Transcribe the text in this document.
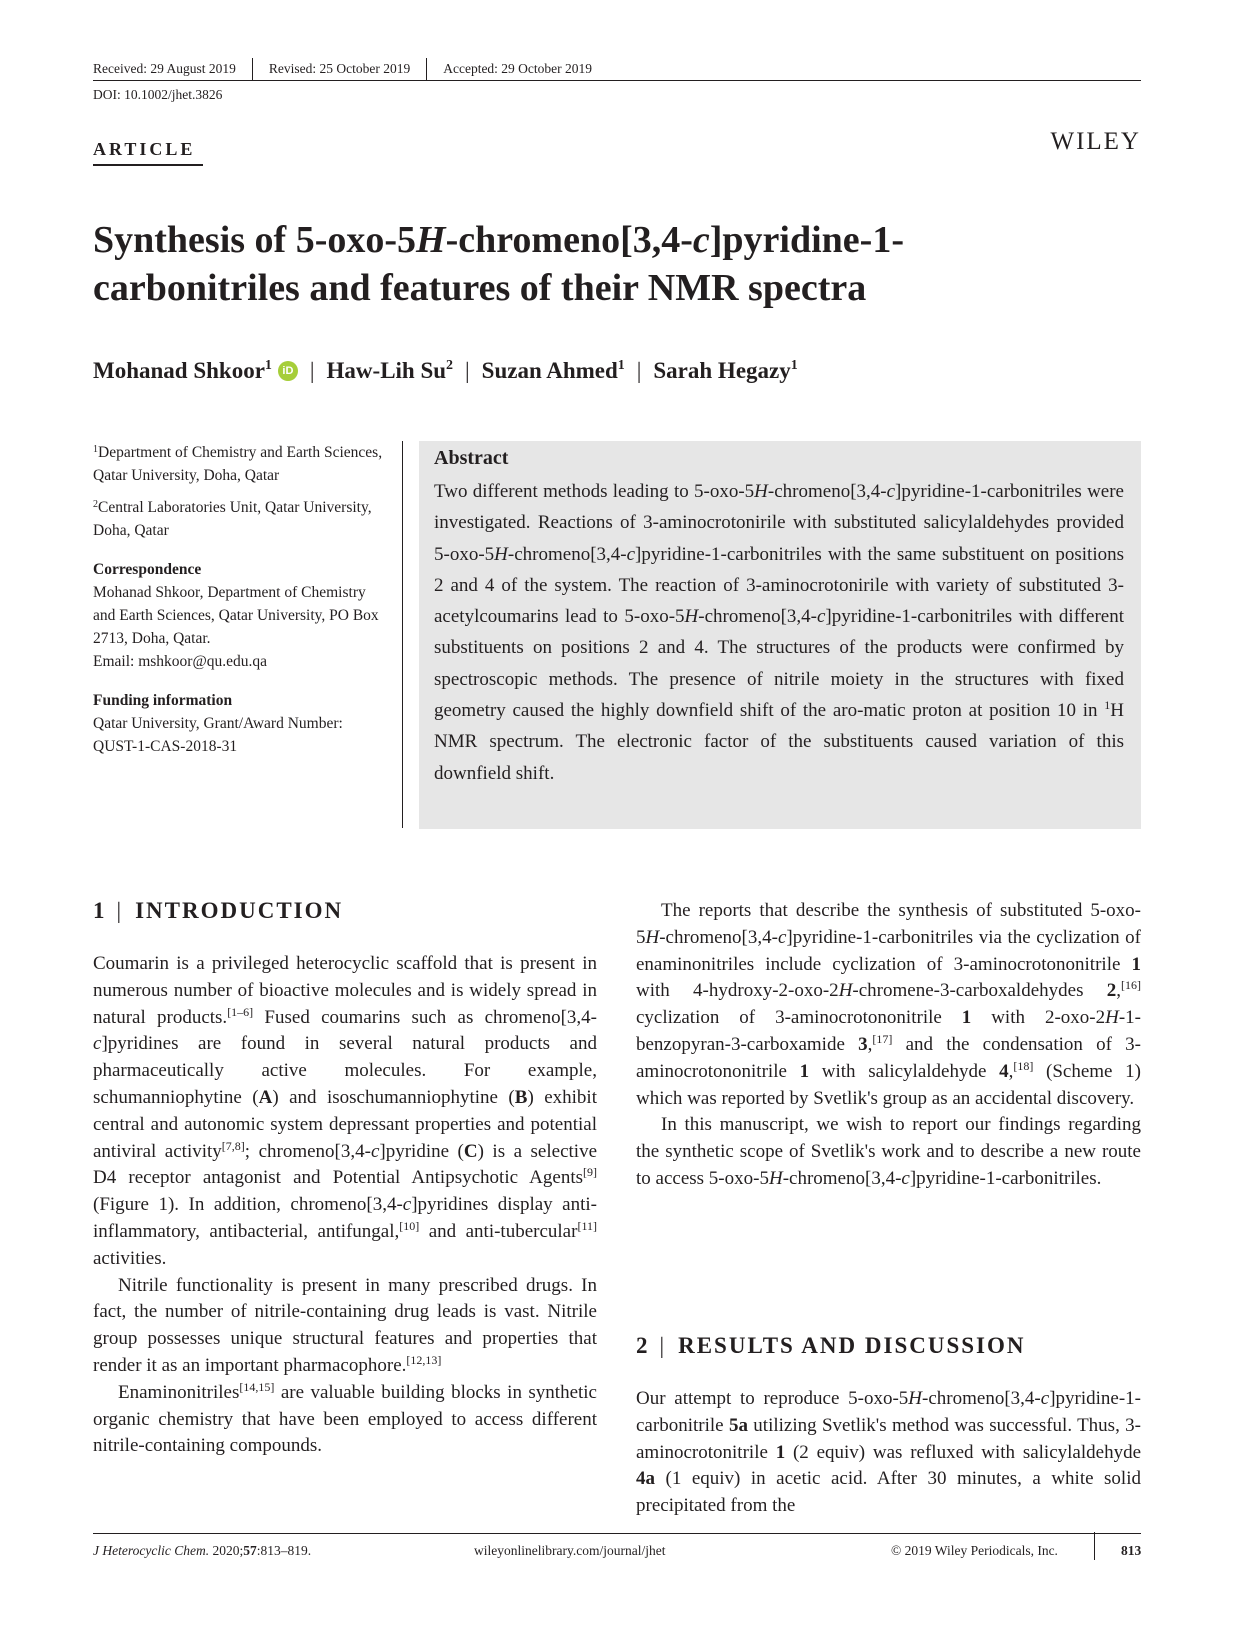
Received: 29 August 2019 Revised: 25 October 2019 Accepted: 29 October 2019
DOI: 10.1002/jhet.3826
ARTICLE	WILEY
Synthesis of 5-oxo-5H-chromeno[3,4-c]pyridine-1-
carbonitriles and features of their NMR spectra
Mohanad Shkoor$^1$ iD | Haw-Lih Su$^2$ | Suzan Ahmed$^1$ | Sarah Hegazy$^1$
$^1$Department of Chemistry and Earth Sciences, Qatar University, Doha, Qatar
$^2$Central Laboratories Unit, Qatar University, Doha, Qatar
Correspondence

Mohanad Shkoor, Department of Chemistry and Earth Sciences, Qatar University, PO Box 2713, Doha, Qatar.

Email: mshkoor@qu.edu.qa

Funding information

Qatar University, Grant/Award Number: QUST-1-CAS-2018-31

Abstract
Two different methods leading to 5-oxo-5H-chromeno[3,4-c]pyridine-1-carbonitriles were investigated. Reactions of 3-aminocrotonirile with substituted salicylaldehydes provided 5-oxo-5H-chromeno[3,4-c]pyridine-1-carbonitriles with the same substituent on positions 2 and 4 of the system. The reaction of 3-aminocrotonirile with variety of substituted 3-acetylcoumarins lead to 5-oxo-5H-chromeno[3,4-c]pyridine-1-carbonitriles with different substituents on positions 2 and 4. The structures of the products were confirmed by spectroscopic methods. The presence of nitrile moiety in the structures with fixed geometry caused the highly downfield shift of the aro-matic proton at position 10 in $^1$H NMR spectrum. The electronic factor of the substituents caused variation of this downfield shift.
1 | INTRODUCTION

Coumarin is a privileged heterocyclic scaffold that is present in numerous number of bioactive molecules and is widely spread in natural products.[1–6] Fused coumarins such as chromeno[3,4-c]pyridines are found in several natural products and pharmaceutically active molecules. For example, schumanniophytine (A) and isoschumanniophytine (B) exhibit central and autonomic system depressant properties and potential antiviral activity[7,8]; chromeno[3,4-c]pyridine (C) is a selective D4 receptor antagonist and Potential Antipsychotic Agents[9] (Figure 1). In addition, chromeno[3,4-c]pyridines display anti-inflammatory, antibacterial, antifungal,[10] and anti-tubercular[11] activities.

Nitrile functionality is present in many prescribed drugs. In fact, the number of nitrile-containing drug leads is vast. Nitrile group possesses unique structural features and properties that render it as an important pharmacophore.[12,13]

Enaminonitriles[14,15] are valuable building blocks in synthetic organic chemistry that have been employed to access different nitrile-containing compounds.

The reports that describe the synthesis of substituted 5-oxo-5H-chromeno[3,4-c]pyridine-1-carbonitriles via the cyclization of enaminonitriles include cyclization of 3-aminocrotononitrile 1 with 4-hydroxy-2-oxo-2H-chromene-3-carboxaldehydes 2,[16] cyclization of 3-aminocrotononitrile 1 with 2-oxo-2H-1-benzopyran-3-carboxamide 3,[17] and the condensation of 3-aminocrotononitrile 1 with salicylaldehyde 4,[18] (Scheme 1) which was reported by Svetlik's group as an accidental discovery.

In this manuscript, we wish to report our findings regarding the synthetic scope of Svetlik's work and to describe a new route to access 5-oxo-5H-chromeno[3,4-c]pyridine-1-carbonitriles.

2 | RESULTS AND DISCUSSION

Our attempt to reproduce 5-oxo-5H-chromeno[3,4-c]pyridine-1-carbonitrile 5a utilizing Svetlik's method was successful. Thus, 3-aminocrotonitrile 1 (2 equiv) was refluxed with salicylaldehyde 4a (1 equiv) in acetic acid. After 30 minutes, a white solid precipitated from the

J Heterocyclic Chem. 2020;57:813–819.	wileyonlinelibrary.com/journal/jhet	© 2019 Wiley Periodicals, Inc.	813
